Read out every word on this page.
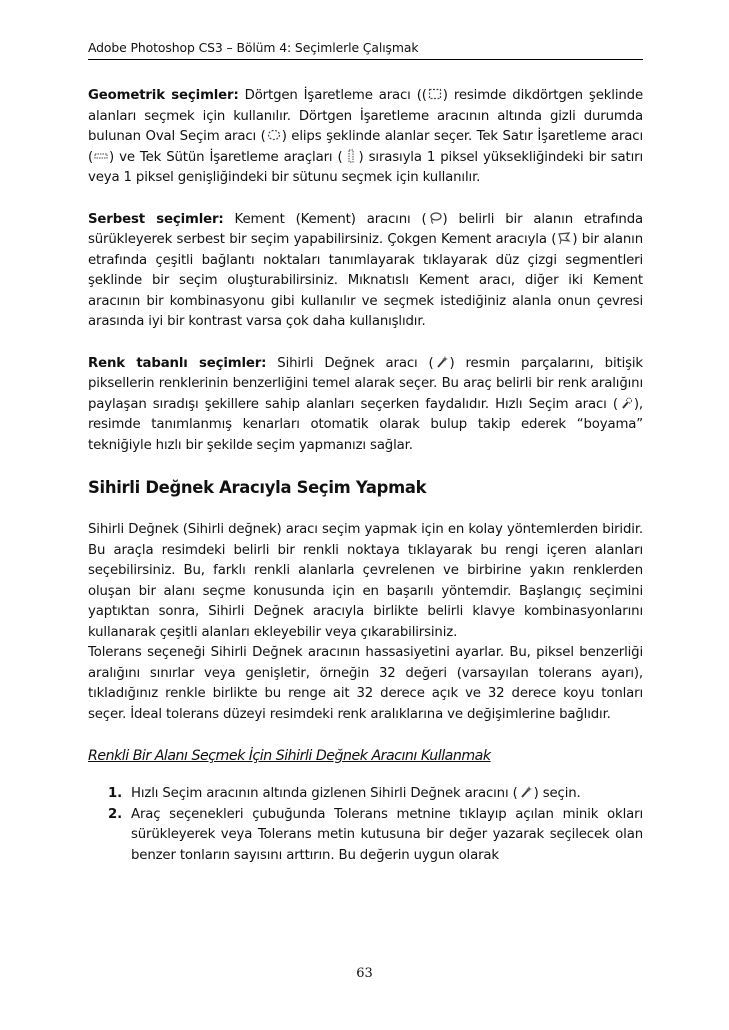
Adobe Photoshop CS3 – Bölüm 4: Seçimlerle Çalışmak

Geometrik seçimler: Dörtgen İşaretleme aracı (( ) resimde dikdörtgen şeklinde alanları seçmek için kullanılır. Dörtgen İşaretleme aracının altında gizli durumda bulunan Oval Seçim aracı ( ) elips şeklinde alanlar seçer. Tek Satır İşaretleme aracı ( ) ve Tek Sütün İşaretleme araçları ( ) sırasıyla 1 piksel yüksekliğindeki bir satırı veya 1 piksel genişliğindeki bir sütunu seçmek için kullanılır.

Serbest seçimler: Kement (Kement) aracını ( ) belirli bir alanın etrafında sürükleyerek serbest bir seçim yapabilirsiniz. Çokgen Kement aracıyla ( ) bir alanın etrafında çeşitli bağlantı noktaları tanımlayarak tıklayarak düz çizgi segmentleri şeklinde bir seçim oluşturabilirsiniz. Mıknatıslı Kement aracı, diğer iki Kement aracının bir kombinasyonu gibi kullanılır ve seçmek istediğiniz alanla onun çevresi arasında iyi bir kontrast varsa çok daha kullanışlıdır.

Renk tabanlı seçimler: Sihirli Değnek aracı ( ) resmin parçalarını, bitişik piksellerin renklerinin benzerliğini temel alarak seçer. Bu araç belirli bir renk aralığını paylaşan sıradışı şekillere sahip alanları seçerken faydalıdır. Hızlı Seçim aracı ( ), resimde tanımlanmış kenarları otomatik olarak bulup takip ederek “boyama” tekniğiyle hızlı bir şekilde seçim yapmanızı sağlar.

Sihirli Değnek Aracıyla Seçim Yapmak

Sihirli Değnek (Sihirli değnek) aracı seçim yapmak için en kolay yöntemlerden biridir. Bu araçla resimdeki belirli bir renkli noktaya tıklayarak bu rengi içeren alanları seçebilirsiniz. Bu, farklı renkli alanlarla çevrelenen ve birbirine yakın renklerden oluşan bir alanı seçme konusunda için en başarılı yöntemdir. Başlangıç seçimini yaptıktan sonra, Sihirli Değnek aracıyla birlikte belirli klavye kombinasyonlarını kullanarak çeşitli alanları ekleyebilir veya çıkarabilirsiniz.

Tolerans seçeneği Sihirli Değnek aracının hassasiyetini ayarlar. Bu, piksel benzerliği aralığını sınırlar veya genişletir, örneğin 32 değeri (varsayılan tolerans ayarı), tıkladığınız renkle birlikte bu renge ait 32 derece açık ve 32 derece koyu tonları seçer. İdeal tolerans düzeyi resimdeki renk aralıklarına ve değişimlerine bağlıdır.

Renkli Bir Alanı Seçmek İçin Sihirli Değnek Aracını Kullanmak
1. Hızlı Seçim aracının altında gizlenen Sihirli Değnek aracını ( ) seçin.
2. Araç seçenekleri çubuğunda Tolerans metnine tıklayıp açılan minik okları sürükleyerek veya Tolerans metin kutusuna bir değer yazarak seçilecek olan benzer tonların sayısını arttırın. Bu değerin uygun olarak
63
